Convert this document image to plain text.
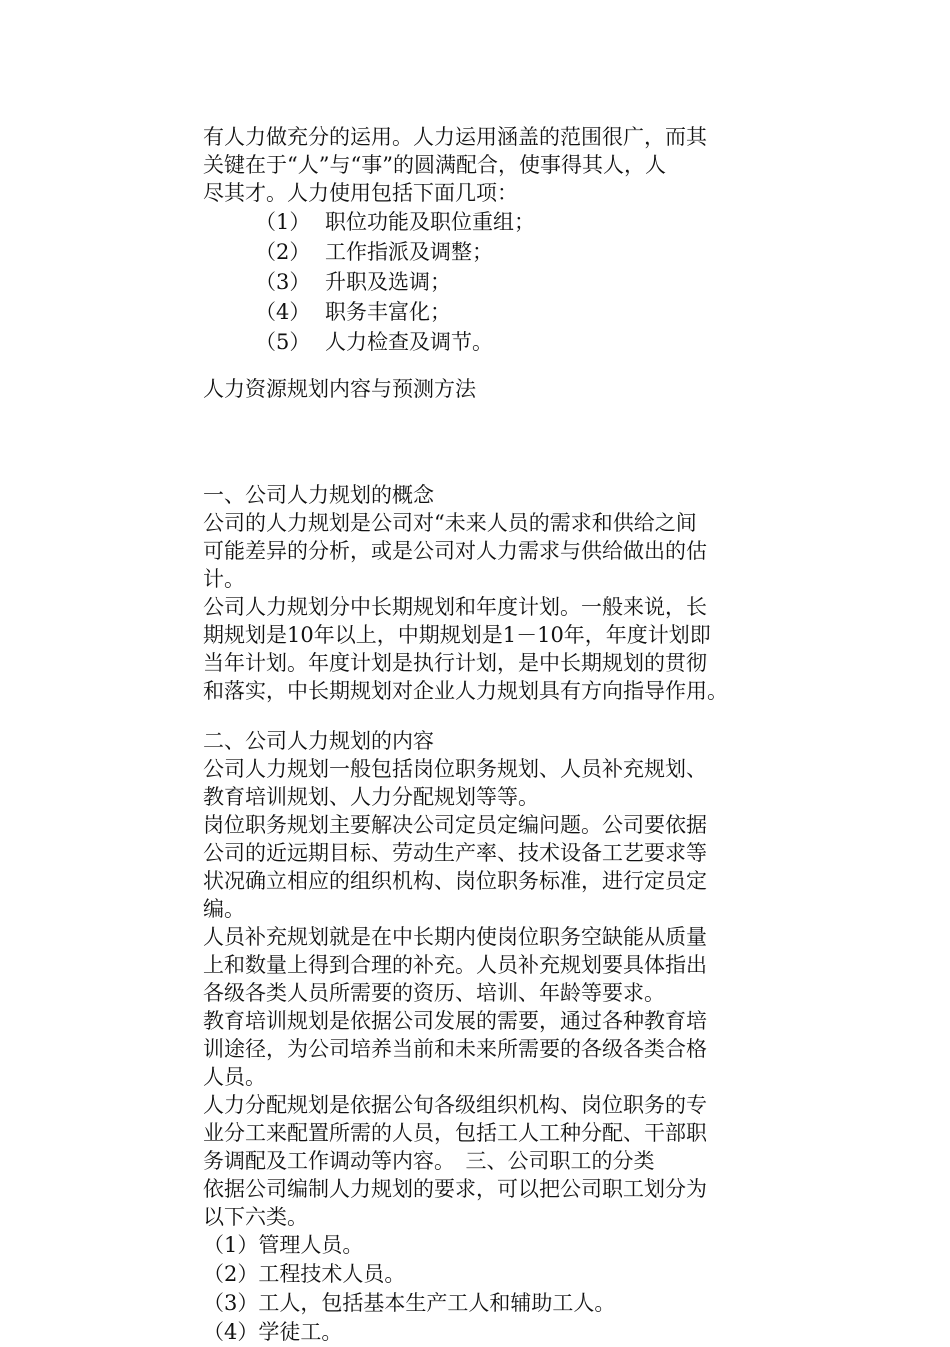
有人力做充分的运用。人力运用涵盖的范围很广，而其

关键在于“人”与“事”的圆满配合，使事得其人，人

尽其才。人力使用包括下面几项：

（1） 职位功能及职位重组；
（2） 工作指派及调整；
（3） 升职及选调；
（4） 职务丰富化；
（5） 人力检查及调节。

人力资源规划内容与预测方法

一、公司人力规划的概念

公司的人力规划是公司对“未来人员的需求和供给之间

可能差异的分析，或是公司对人力需求与供给做出的估

计。

公司人力规划分中长期规划和年度计划。一般来说，长

期规划是10年以上，中期规划是1－10年，年度计划即

当年计划。年度计划是执行计划，是中长期规划的贯彻

和落实，中长期规划对企业人力规划具有方向指导作用。

二、公司人力规划的内容

公司人力规划一般包括岗位职务规划、人员补充规划、

教育培训规划、人力分配规划等等。

岗位职务规划主要解决公司定员定编问题。公司要依据

公司的近远期目标、劳动生产率、技术设备工艺要求等

状况确立相应的组织机构、岗位职务标准，进行定员定

编。

人员补充规划就是在中长期内使岗位职务空缺能从质量

上和数量上得到合理的补充。人员补充规划要具体指出

各级各类人员所需要的资历、培训、年龄等要求。

教育培训规划是依据公司发展的需要，通过各种教育培

训途径，为公司培养当前和未来所需要的各级各类合格

人员。

人力分配规划是依据公旬各级组织机构、岗位职务的专

业分工来配置所需的人员，包括工人工种分配、干部职

务调配及工作调动等内容。　三、公司职工的分类

依据公司编制人力规划的要求，可以把公司职工划分为

以下六类。

（1）管理人员。

（2）工程技术人员。

（3）工人，包括基本生产工人和辅助工人。

（4）学徒工。
